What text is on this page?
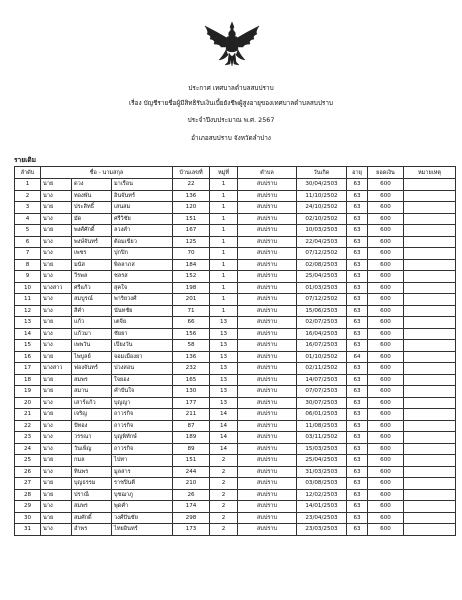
ประกาศ เทศบาลตำบลสบปราบ
เรื่อง บัญชีรายชื่อผู้มีสิทธิรับเงินเบี้ยยังชีพผู้สูงอายุของเทศบาลตำบลสบปราบ
ประจำปีงบประมาณ พ.ศ. 2567
อำเภอสบปราบ จังหวัดลำปาง
รายเดิม
ลำดับ	ชื่อ - นามสกุล			บ้านเลขที่	หมู่ที่	ตำบล	วันเกิด	อายุ	ยอดเงิน	หมายเหตุ
1	นาย	ดวง	มาเรือน	22	1	สบปราบ	30/04/2503	63	600	
2	นาง	ทองพัน	อินจันทร์	136	1	สบปราบ	11/10/2502	63	600	
3	นาย	ประสิทธิ์	เสนสม	120	1	สบปราบ	24/10/2502	63	600	
4	นาง	มัด	ศรีวิชัย	151	1	สบปราบ	02/10/2502	63	600	
5	นาย	พงศ์ศักดิ์	ลวงคำ	167	1	สบปราบ	10/03/2503	63	600	
6	นาง	พงษ์จันทร์	ต้อมเขียว	125	1	สบปราบ	22/04/2503	63	600	
7	นาง	เพชร	ปุกปิก	70	1	สบปราบ	07/12/2502	63	600	
8	นาย	มนัส	พิลลาภส	184	1	สบปราบ	02/08/2503	63	600	
9	นาง	วีรพล	ชลรส	152	1	สบปราบ	25/04/2503	63	600	
10	นางสาว	ศรีแก้ว	สุคใจ	198	1	สบปราบ	01/03/2503	63	600	
11	นาง	สมบูรณ์	พาริยวงศ์	201	1	สบปราบ	07/12/2502	63	600	
12	นาง	สีคำ	นันทชัย	71	1	สบปราบ	15/06/2503	63	600	
13	นาย	แก้ว	เตจีย	66	13	สบปราบ	02/07/2503	63	600	
14	นาง	แก้วมา	ชัยยา	156	13	สบปราบ	16/04/2503	63	600	
15	นาง	เพพวัน	เปียงวัน	58	13	สบปราบ	16/07/2503	63	600	
16	นาย	ไพบูลย์	จอมเมืองยา	136	13	สบปราบ	01/10/2502	64	600	
17	นางสาว	ฟองจันทร์	ปวงสอน	232	13	สบปราบ	02/11/2502	63	600	
18	นาย	สมพร	ใจยอง	165	13	สบปราบ	14/07/2503	63	600	
19	นาย	สมาน	คำปันใจ	130	13	สบปราบ	07/07/2503	63	600	
20	นาง	เสาร์แก้ว	บุญญา	177	13	สบปราบ	30/07/2503	63	600	
21	นาย	เจริญ	ถาวรกิจ	211	14	สบปราบ	06/01/2503	63	600	
22	นาง	ปัทอง	ถาวรกิจ	87	14	สบปราบ	11/08/2503	63	600	
23	นาง	วรรณา	บุญพิทักษ์	189	14	สบปราบ	03/11/2502	63	600	
24	นาง	วันเพ็ญ	ถาวรกิจ	89	14	สบปราบ	15/03/2503	63	600	
25	นาย	กมล	ไปทา	151	2	สบปราบ	25/04/2503	63	600	
26	นาง	ทินพร	มูลสาร	244	2	สบปราบ	31/03/2503	63	600	
27	นาย	บุญธรรม	ราชปินตี	210	2	สบปราบ	03/08/2503	63	600	
28	นาย	ปราณี	บุชฌาภู	26	2	สบปราบ	12/02/2503	63	600	
29	นาง	สมพร	พุดคำ	174	2	สบปราบ	14/01/2503	63	600	
30	นาย	สมศักดิ์	วงศ์ปันชัย	298	2	สบปราบ	23/04/2503	63	600	
31	นาง	อำพร	ไทยอินทร์	173	2	สบปราบ	23/03/2503	63	600	
